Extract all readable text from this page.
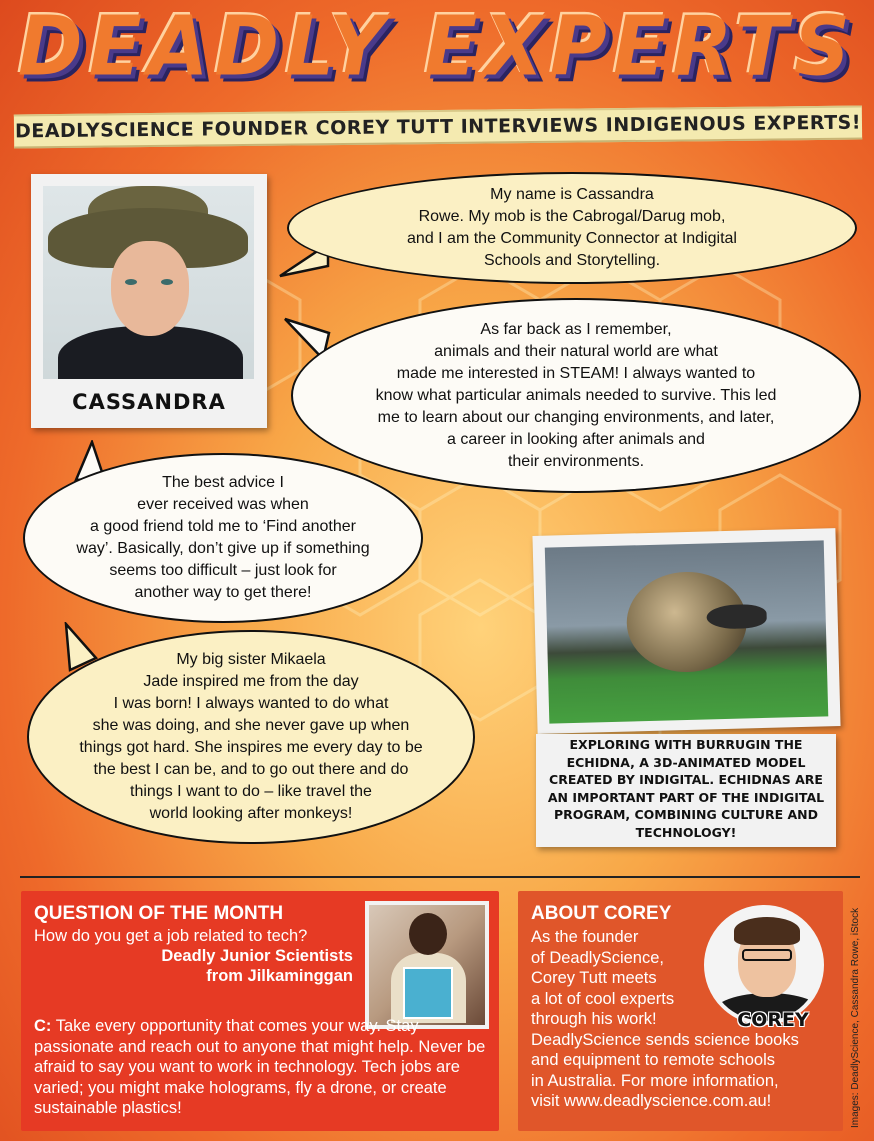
DEADLY EXPERTS
DEADLYSCIENCE FOUNDER COREY TUTT INTERVIEWS INDIGENOUS EXPERTS!
CASSANDRA
My name is Cassandra
Rowe. My mob is the Cabrogal/Darug mob,
and I am the Community Connector at Indigital
Schools and Storytelling.
As far back as I remember,
animals and their natural world are what
made me interested in STEAM! I always wanted to
know what particular animals needed to survive. This led
me to learn about our changing environments, and later,
a career in looking after animals and
their environments.
The best advice I
ever received was when
a good friend told me to ‘Find another
way’. Basically, don’t give up if something
seems too difficult – just look for
another way to get there!
My big sister Mikaela
Jade inspired me from the day
I was born! I always wanted to do what
she was doing, and she never gave up when
things got hard. She inspires me every day to be
the best I can be, and to go out there and do
things I want to do – like travel the
world looking after monkeys!
EXPLORING WITH BURRUGIN THE ECHIDNA, A 3D-ANIMATED MODEL CREATED BY INDIGITAL. ECHIDNAS ARE AN IMPORTANT PART OF THE INDIGITAL PROGRAM, COMBINING CULTURE AND TECHNOLOGY!
QUESTION OF THE MONTH
How do you get a job related to tech?
Deadly Junior Scientists
from Jilkaminggan
C: Take every opportunity that comes your way. Stay passionate and reach out to anyone that might help. Never be afraid to say you want to work in technology. Tech jobs are varied; you might make holograms, fly a drone, or create sustainable plastics!
ABOUT COREY
As the founder
of DeadlyScience,
Corey Tutt meets
a lot of cool experts
through his work!
DeadlyScience sends science books
and equipment to remote schools
in Australia. For more information,
visit www.deadlyscience.com.au!
COREY	Images: DeadlyScience, Cassandra Rowe, iStock
